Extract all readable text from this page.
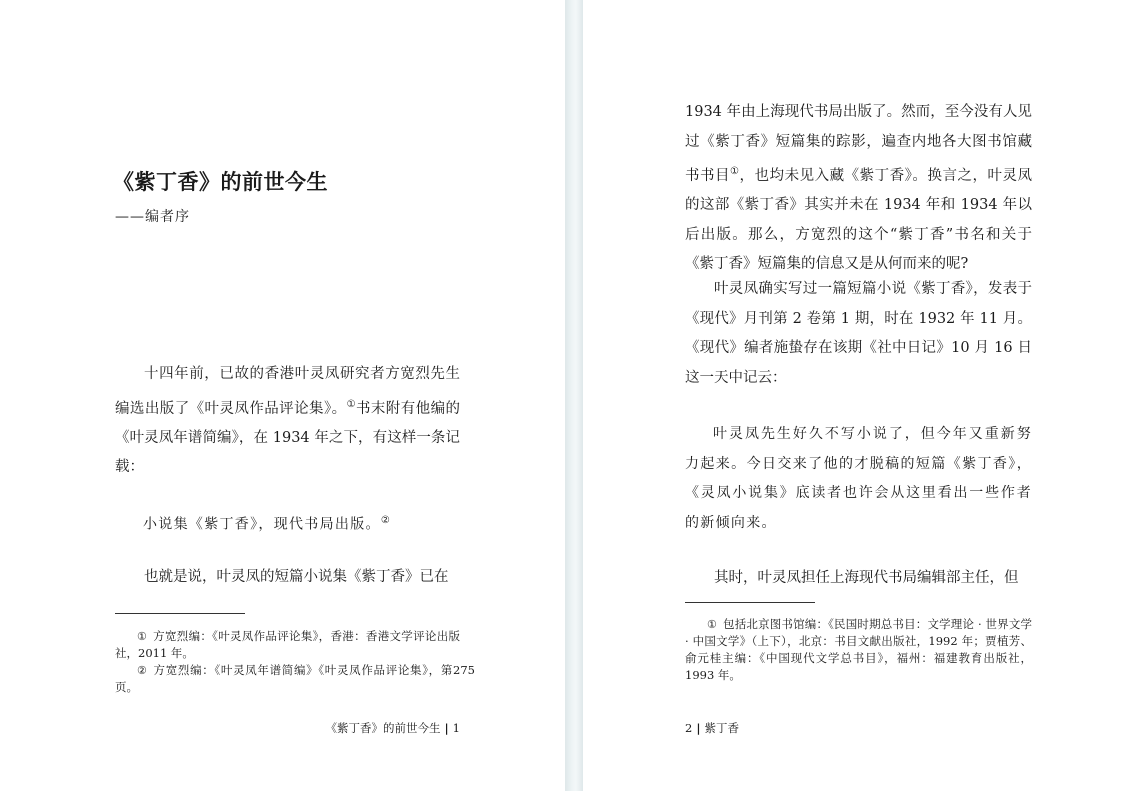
《紫丁香》的前世今生
——编者序

十四年前，已故的香港叶灵凤研究者方宽烈先生编选出版了《叶灵凤作品评论集》。①书末附有他编的《叶灵凤年谱简编》，在 1934 年之下，有这样一条记载：

小说集《紫丁香》，现代书局出版。②

也就是说，叶灵凤的短篇小说集《紫丁香》已在

① 方宽烈编：《叶灵凤作品评论集》，香港：香港文学评论出版社，2011 年。

② 方宽烈编：《叶灵凤年谱简编》《叶灵凤作品评论集》，第275页。

《紫丁香》的前世今生 | 1

1934 年由上海现代书局出版了。然而，至今没有人见过《紫丁香》短篇集的踪影，遍查内地各大图书馆藏书书目①，也均未见入藏《紫丁香》。换言之，叶灵凤的这部《紫丁香》其实并未在 1934 年和 1934 年以后出版。那么，方宽烈的这个“紫丁香”书名和关于《紫丁香》短篇集的信息又是从何而来的呢?

叶灵凤确实写过一篇短篇小说《紫丁香》，发表于《现代》月刊第 2 卷第 1 期，时在 1932 年 11 月。《现代》编者施蛰存在该期《社中日记》10 月 16 日这一天中记云：

叶灵凤先生好久不写小说了，但今年又重新努力起来。今日交来了他的才脱稿的短篇《紫丁香》，《灵凤小说集》底读者也许会从这里看出一些作者的新倾向来。

其时，叶灵凤担任上海现代书局编辑部主任，但

① 包括北京图书馆编：《民国时期总书目：文学理论 · 世界文学 · 中国文学》（上下），北京：书目文献出版社，1992 年；贾植芳、俞元桂主编：《中国现代文学总书目》，福州：福建教育出版社，1993 年。

2 | 紫丁香
